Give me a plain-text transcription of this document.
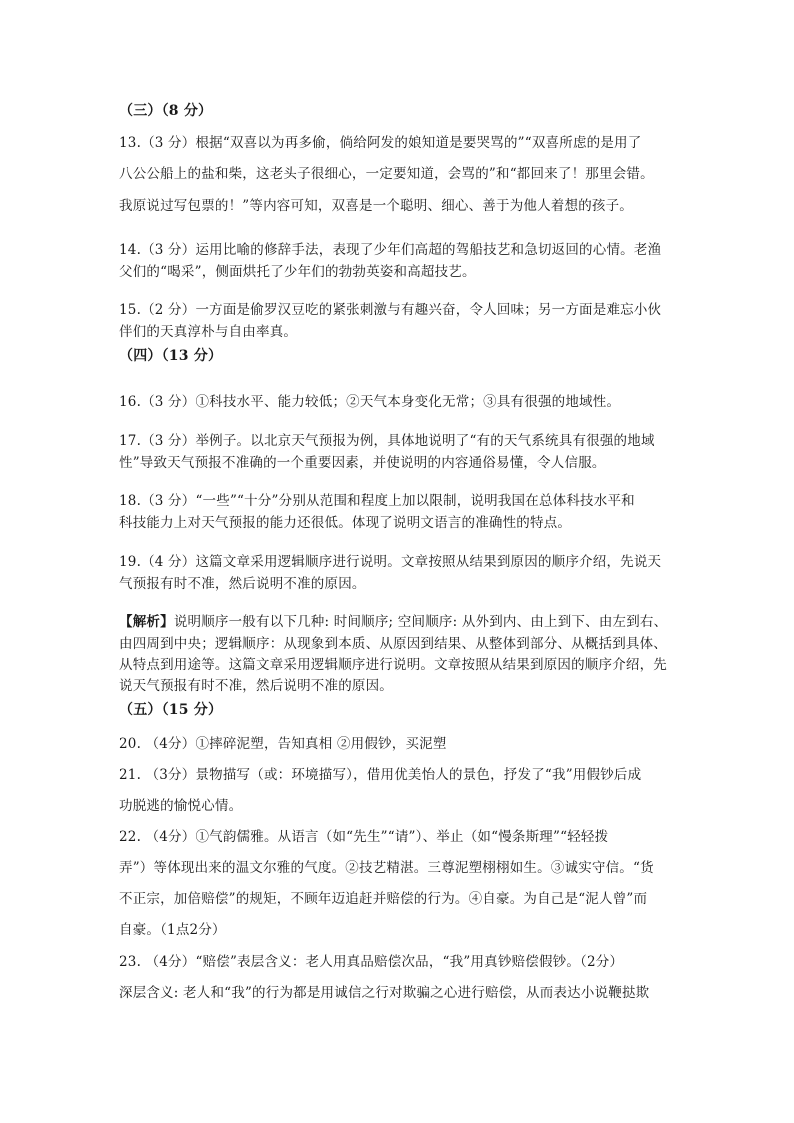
（三）（8 分）
13.（3 分）根据“双喜以为再多偷，倘给阿发的娘知道是要哭骂的”“双喜所虑的是用了
八公公船上的盐和柴，这老头子很细心，一定要知道，会骂的”和“都回来了！那里会错。
我原说过写包票的！”等内容可知，双喜是一个聪明、细心、善于为他人着想的孩子。
14.（3 分）运用比喻的修辞手法，表现了少年们高超的驾船技艺和急切返回的心情。老渔
父们的“喝采”，侧面烘托了少年们的勃勃英姿和高超技艺。
15.（2 分）一方面是偷罗汉豆吃的紧张刺激与有趣兴奋，令人回味；另一方面是难忘小伙
伴们的天真淳朴与自由率真。
（四）（13 分）
16.（3 分）①科技水平、能力较低；②天气本身变化无常；③具有很强的地域性。
17.（3 分）举例子。以北京天气预报为例，具体地说明了“有的天气系统具有很强的地域
性”导致天气预报不准确的一个重要因素，并使说明的内容通俗易懂，令人信服。
18.（3 分）“一些”“十分”分别从范围和程度上加以限制，说明我国在总体科技水平和
科技能力上对天气预报的能力还很低。体现了说明文语言的准确性的特点。
19.（4 分）这篇文章采用逻辑顺序进行说明。文章按照从结果到原因的顺序介绍，先说天
气预报有时不准，然后说明不准的原因。
【解析】说明顺序一般有以下几种: 时间顺序; 空间顺序: 从外到内、由上到下、由左到右、
由四周到中央；逻辑顺序：从现象到本质、从原因到结果、从整体到部分、从概括到具体、
从特点到用途等。这篇文章采用逻辑顺序进行说明。文章按照从结果到原因的顺序介绍，先
说天气预报有时不准，然后说明不准的原因。
（五）（15 分）
20. （4分）①摔碎泥塑，告知真相 ②用假钞，买泥塑
21. （3分）景物描写（或：环境描写），借用优美怡人的景色，抒发了“我”用假钞后成
功脱逃的愉悦心情。
22. （4分）①气韵儒雅。从语言（如“先生”“请”）、举止（如“慢条斯理”“轻轻拨
弄”）等体现出来的温文尔雅的气度。②技艺精湛。三尊泥塑栩栩如生。③诚实守信。“货
不正宗，加倍赔偿”的规矩，不顾年迈追赶并赔偿的行为。④自豪。为自己是“泥人曾”而
自豪。（1点2分）
23. （4分）“赔偿”表层含义：老人用真品赔偿次品，“我”用真钞赔偿假钞。（2分）
深层含义: 老人和“我”的行为都是用诚信之行对欺骗之心进行赔偿，从而表达小说鞭挞欺
